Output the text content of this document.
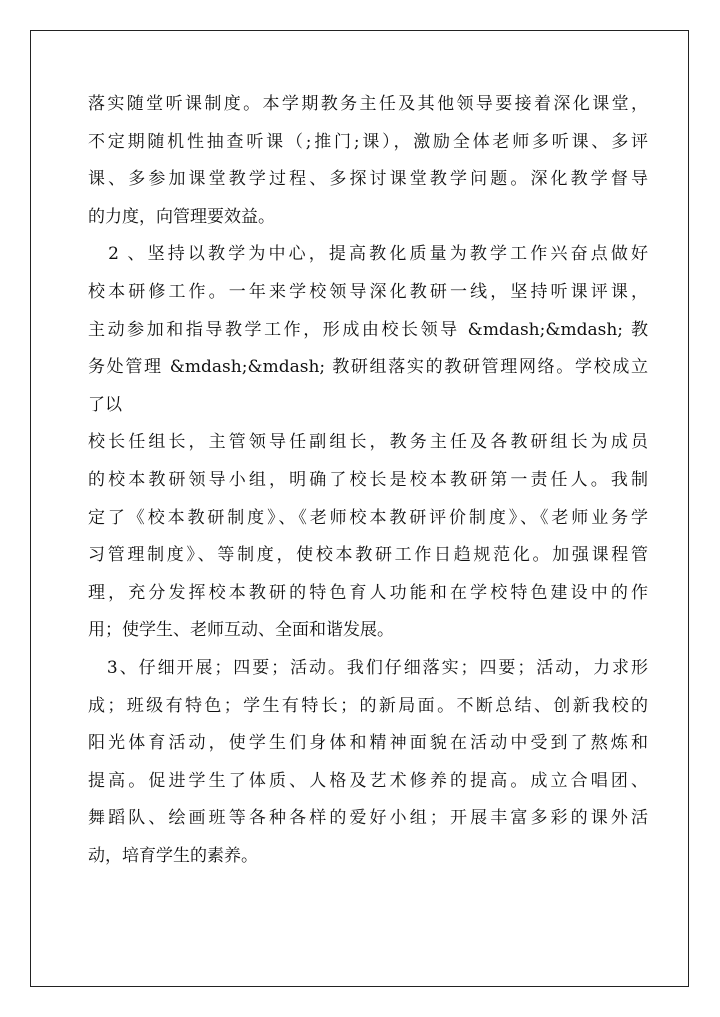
落实随堂听课制度。本学期教务主任及其他领导要接着深化课堂，
不定期随机性抽查听课（;推门;课），激励全体老师多听课、多评
课、多参加课堂教学过程、多探讨课堂教学问题。深化教学督导
的力度，向管理要效益。
　2 、坚持以教学为中心，提高教化质量为教学工作兴奋点做好
校本研修工作。一年来学校领导深化教研一线，坚持听课评课，
主动参加和指导教学工作，形成由校长领导 &mdash;&mdash; 教
务处管理 &mdash;&mdash; 教研组落实的教研管理网络。学校成立
了以
校长任组长，主管领导任副组长，教务主任及各教研组长为成员
的校本教研领导小组，明确了校长是校本教研第一责任人。我制
定了《校本教研制度》、《老师校本教研评价制度》、《老师业务学
习管理制度》、等制度，使校本教研工作日趋规范化。加强课程管
理，充分发挥校本教研的特色育人功能和在学校特色建设中的作
用；使学生、老师互动、全面和谐发展。
　3、仔细开展；四要；活动。我们仔细落实；四要；活动，力求形
成；班级有特色；学生有特长；的新局面。不断总结、创新我校的
阳光体育活动，使学生们身体和精神面貌在活动中受到了熬炼和
提高。促进学生了体质、人格及艺术修养的提高。成立合唱团、
舞蹈队、绘画班等各种各样的爱好小组；开展丰富多彩的课外活
动，培育学生的素养。
